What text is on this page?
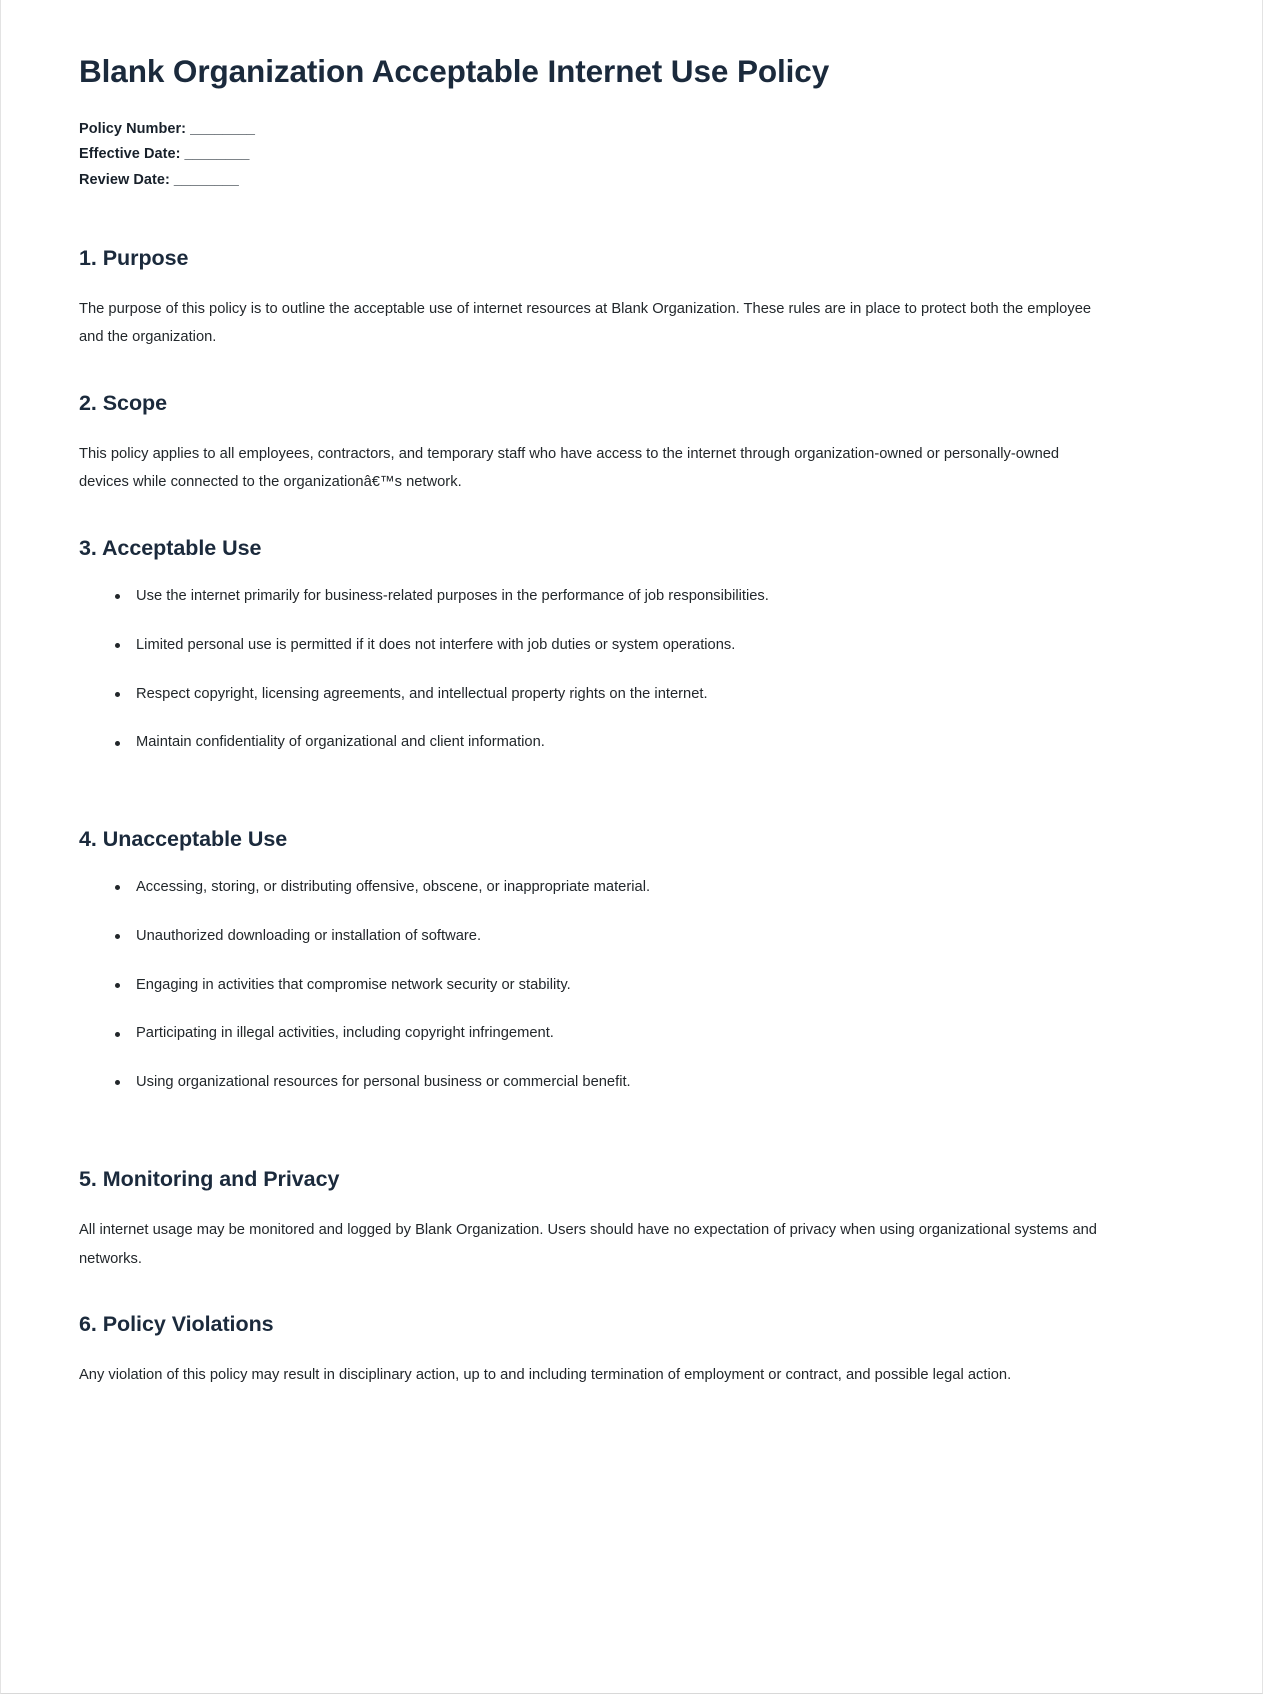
Blank Organization Acceptable Internet Use Policy
Policy Number: ________
Effective Date: ________
Review Date: ________
1. Purpose

The purpose of this policy is to outline the acceptable use of internet resources at Blank Organization. These rules are in place to protect both the employee and the organization.

2. Scope

This policy applies to all employees, contractors, and temporary staff who have access to the internet through organization-owned or personally-owned devices while connected to the organizationâ€™s network.

3. Acceptable Use
Use the internet primarily for business-related purposes in the performance of job responsibilities.
Limited personal use is permitted if it does not interfere with job duties or system operations.
Respect copyright, licensing agreements, and intellectual property rights on the internet.
Maintain confidentiality of organizational and client information.
4. Unacceptable Use
Accessing, storing, or distributing offensive, obscene, or inappropriate material.
Unauthorized downloading or installation of software.
Engaging in activities that compromise network security or stability.
Participating in illegal activities, including copyright infringement.
Using organizational resources for personal business or commercial benefit.
5. Monitoring and Privacy

All internet usage may be monitored and logged by Blank Organization. Users should have no expectation of privacy when using organizational systems and networks.

6. Policy Violations

Any violation of this policy may result in disciplinary action, up to and including termination of employment or contract, and possible legal action.
